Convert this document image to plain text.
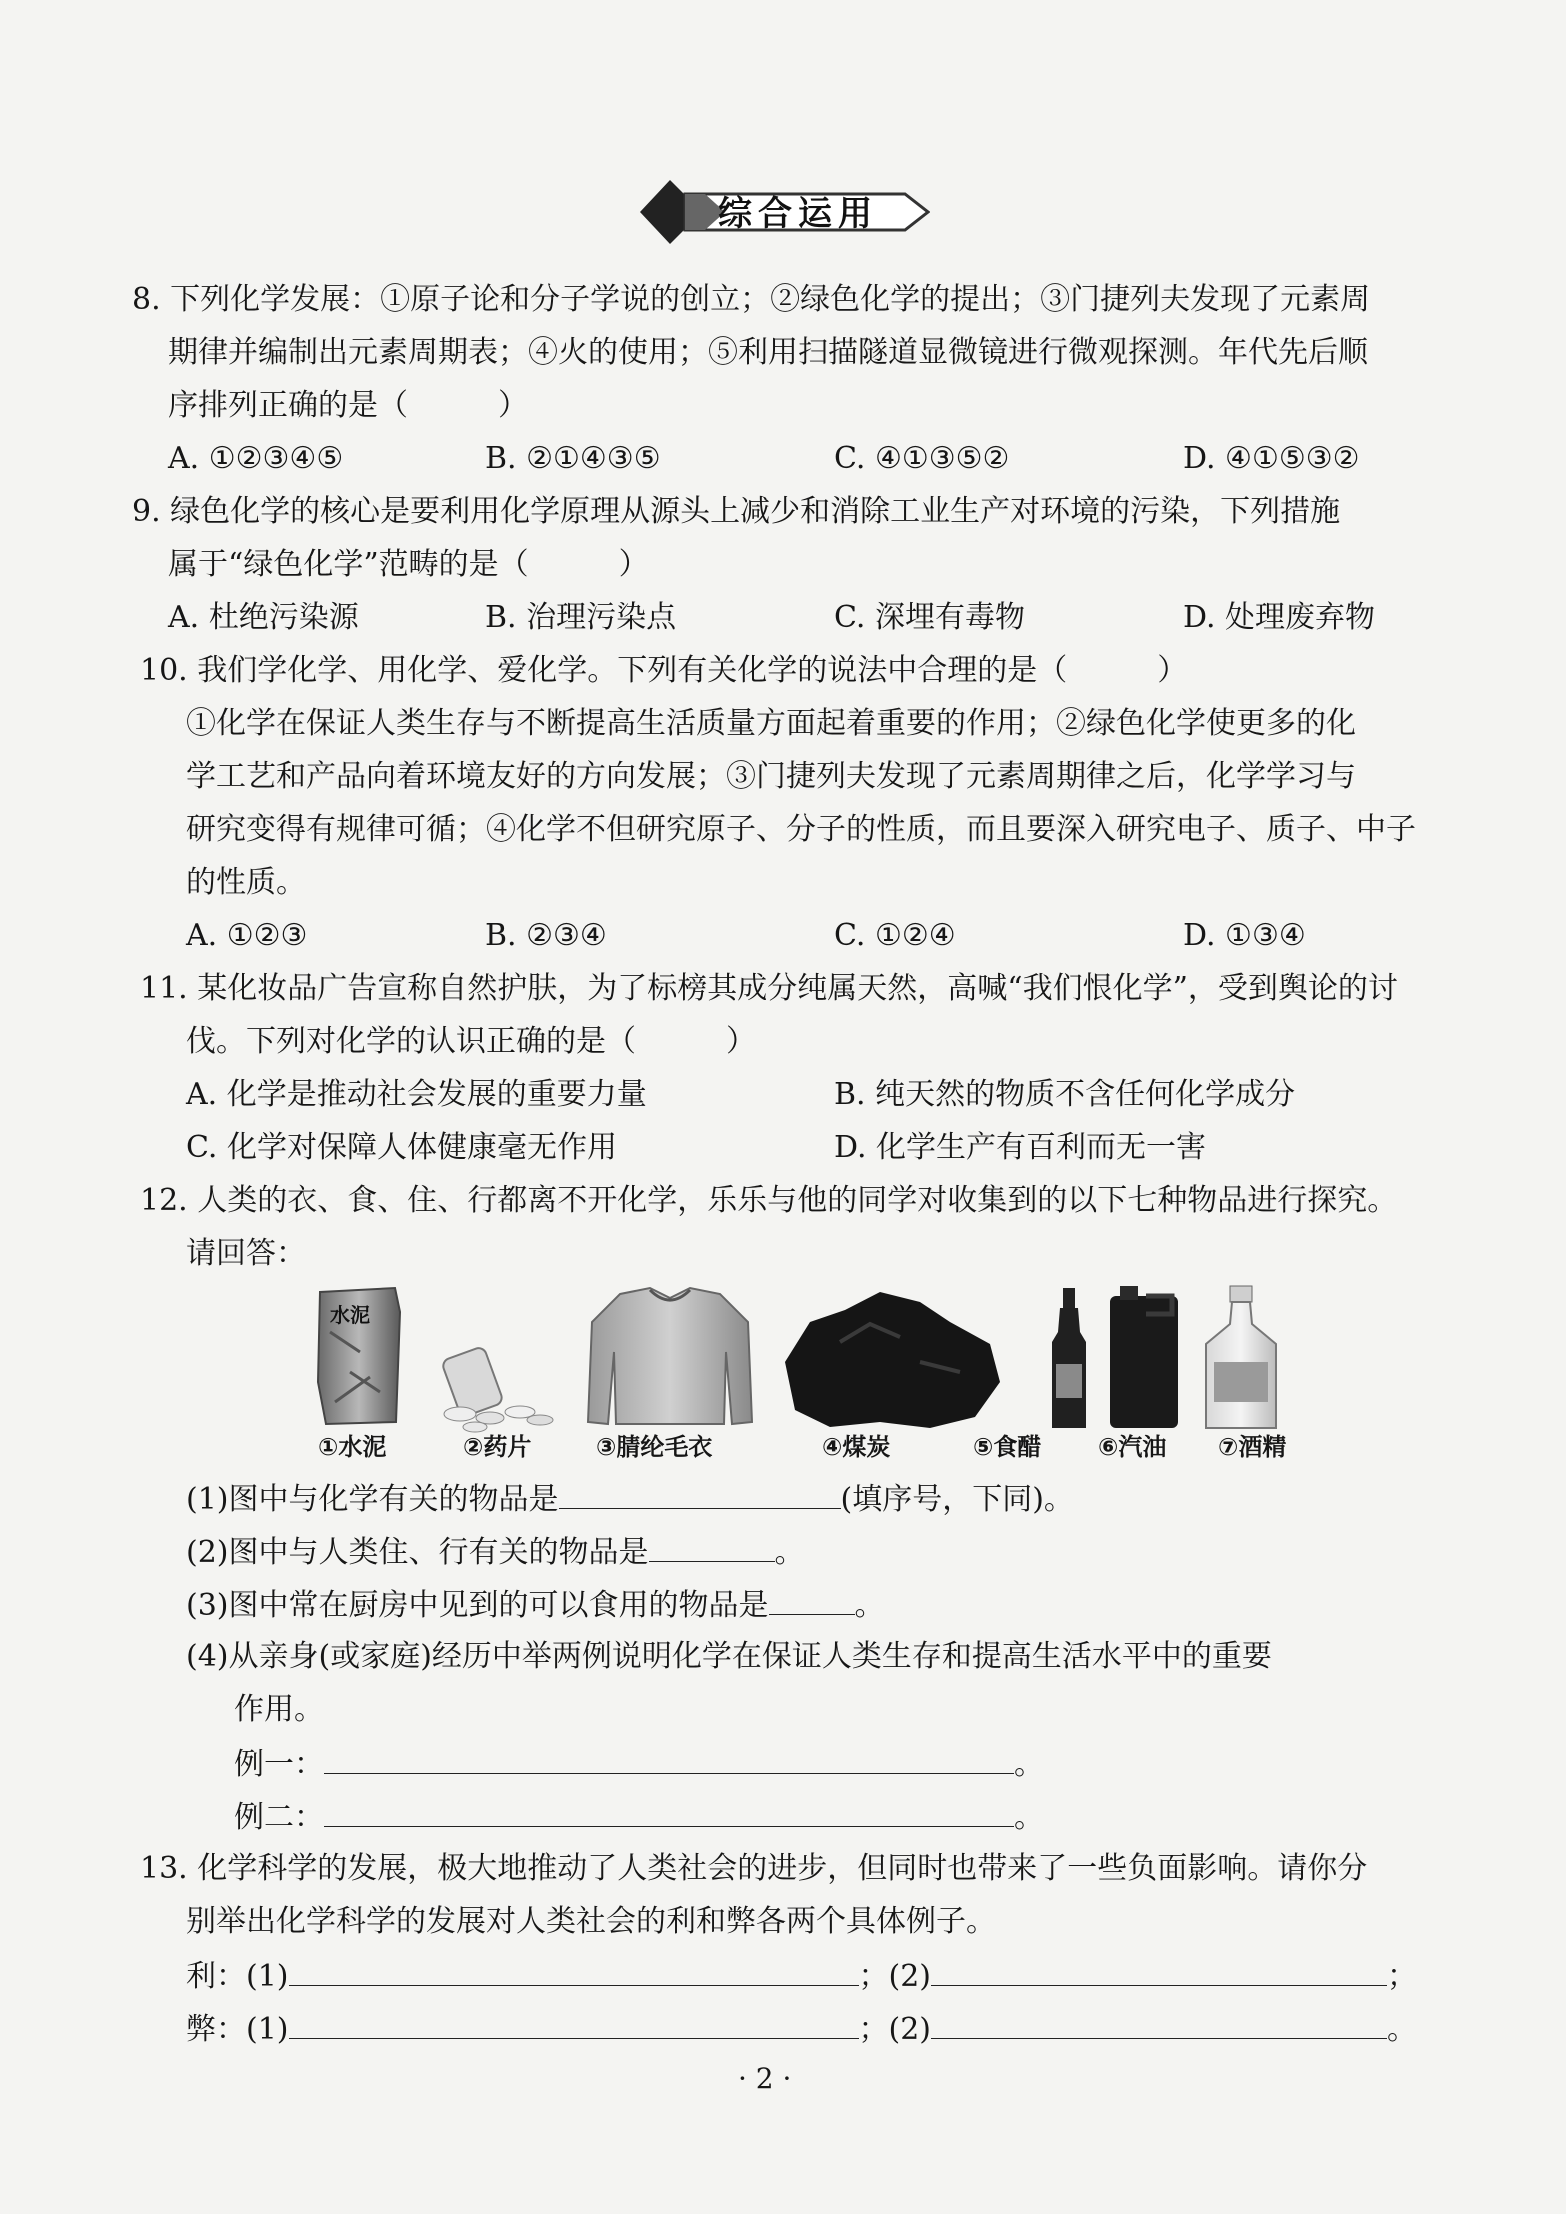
综合运用
8. 下列化学发展：①原子论和分子学说的创立；②绿色化学的提出；③门捷列夫发现了元素周
期律并编制出元素周期表；④火的使用；⑤利用扫描隧道显微镜进行微观探测。年代先后顺
序排列正确的是（　　　）
A. ①②③④⑤	B. ②①④③⑤	C. ④①③⑤②	D. ④①⑤③②
9. 绿色化学的核心是要利用化学原理从源头上减少和消除工业生产对环境的污染，下列措施
属于“绿色化学”范畴的是（　　　）
A. 杜绝污染源	B. 治理污染点	C. 深埋有毒物	D. 处理废弃物
10. 我们学化学、用化学、爱化学。下列有关化学的说法中合理的是（　　　）
①化学在保证人类生存与不断提高生活质量方面起着重要的作用；②绿色化学使更多的化
学工艺和产品向着环境友好的方向发展；③门捷列夫发现了元素周期律之后，化学学习与
研究变得有规律可循；④化学不但研究原子、分子的性质，而且要深入研究电子、质子、中子
的性质。
A. ①②③	B. ②③④	C. ①②④	D. ①③④
11. 某化妆品广告宣称自然护肤，为了标榜其成分纯属天然，高喊“我们恨化学”，受到舆论的讨
伐。下列对化学的认识正确的是（　　　）
A. 化学是推动社会发展的重要力量	B. 纯天然的物质不含任何化学成分
C. 化学对保障人体健康毫无作用	D. 化学生产有百利而无一害
12. 人类的衣、食、住、行都离不开化学，乐乐与他的同学对收集到的以下七种物品进行探究。
请回答：
水泥
①水泥	②药片	③腈纶毛衣	④煤炭	⑤食醋 ⑥汽油 ⑦酒精
(1)图中与化学有关的物品是	(填序号，下同)。
(2)图中与人类住、行有关的物品是	。
(3)图中常在厨房中见到的可以食用的物品是	。
(4)从亲身(或家庭)经历中举两例说明化学在保证人类生存和提高生活水平中的重要
作用。
例一：	。
例二：	。
13. 化学科学的发展，极大地推动了人类社会的进步，但同时也带来了一些负面影响。请你分
别举出化学科学的发展对人类社会的利和弊各两个具体例子。
利：(1)	；(2)	；
弊：(1)	；(2)	。
· 2 ·
